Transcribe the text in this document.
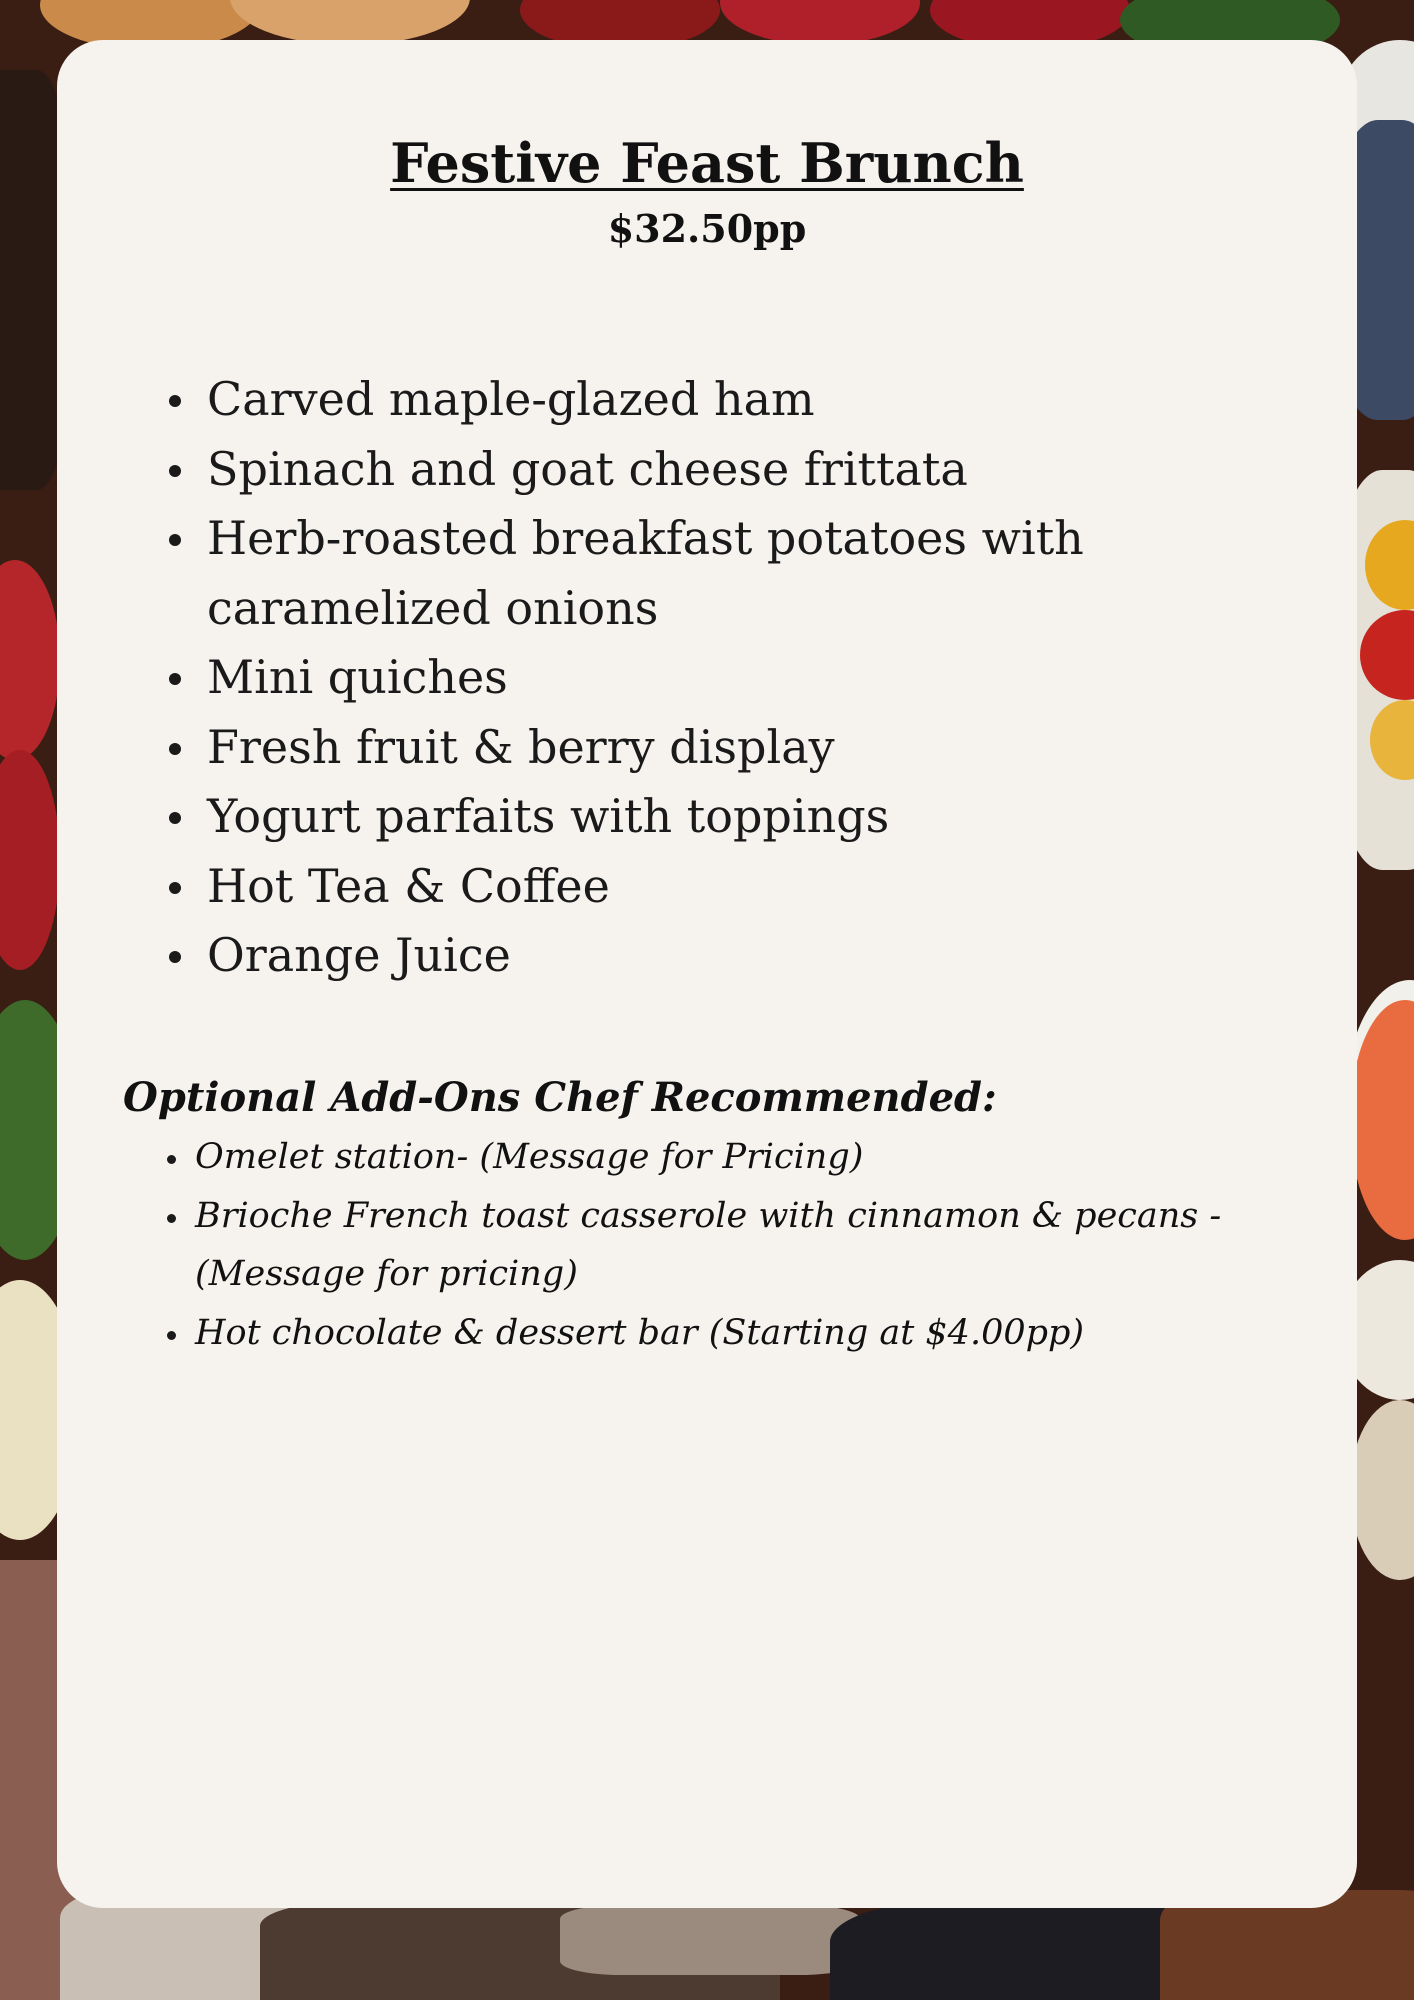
Festive Feast Brunch

$32.50pp

Carved maple-glazed ham
Spinach and goat cheese frittata
Herb-roasted breakfast potatoes with caramelized onions
Mini quiches
Fresh fruit & berry display
Yogurt parfaits with toppings
Hot Tea & Coffee
Orange Juice
Optional Add-Ons Chef Recommended:
Omelet station- (Message for Pricing)
Brioche French toast casserole with cinnamon & pecans -(Message for pricing)
Hot chocolate & dessert bar (Starting at $4.00pp)
